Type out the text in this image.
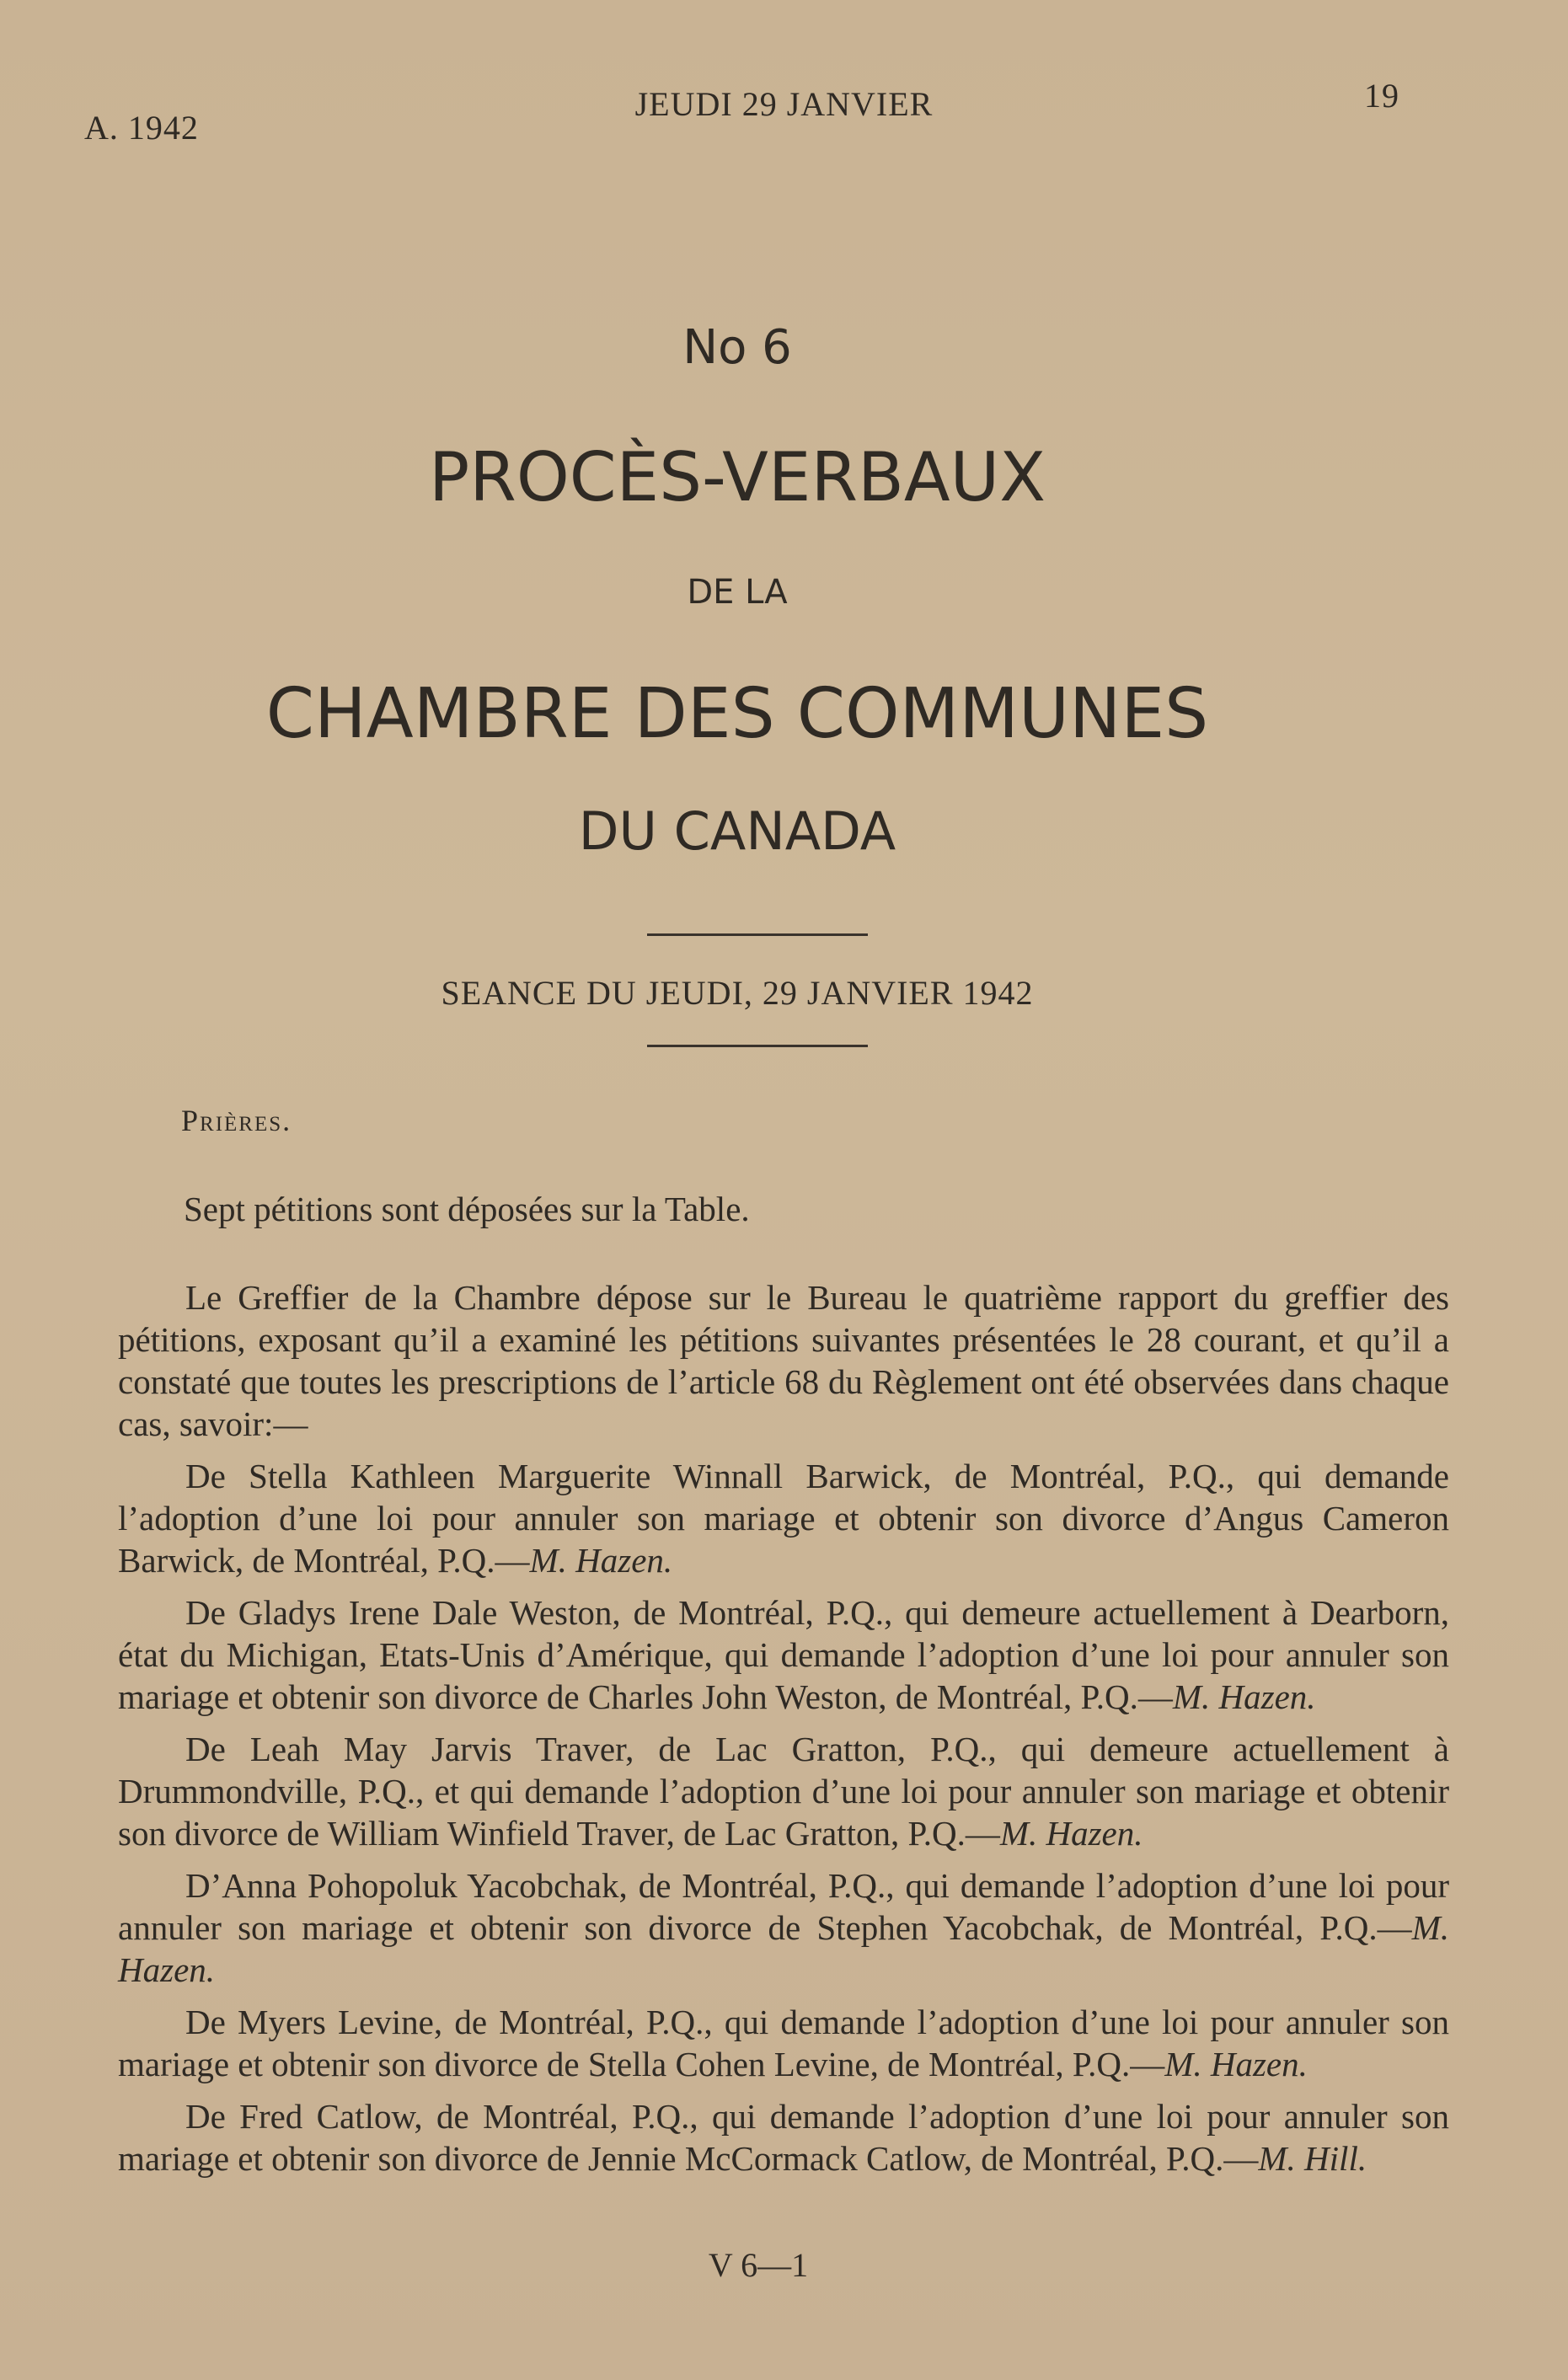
A. 1942
JEUDI 29 JANVIER	19
No 6
PROCÈS-VERBAUX
DE LA
CHAMBRE DES COMMUNES
DU CANADA
SEANCE DU JEUDI, 29 JANVIER 1942
Prières.
Sept pétitions sont déposées sur la Table.

Le Greffier de la Chambre dépose sur le Bureau le quatrième rapport du greffier des pétitions, exposant qu’il a examiné les pétitions suivantes présentées le 28 courant, et qu’il a constaté que toutes les prescriptions de l’article 68 du Règlement ont été observées dans chaque cas, savoir:—

De Stella Kathleen Marguerite Winnall Barwick, de Montréal, P.Q., qui demande l’adoption d’une loi pour annuler son mariage et obtenir son divorce d’Angus Cameron Barwick, de Montréal, P.Q.—M. Hazen.

De Gladys Irene Dale Weston, de Montréal, P.Q., qui demeure actuellement à Dearborn, état du Michigan, Etats-Unis d’Amérique, qui demande l’adoption d’une loi pour annuler son mariage et obtenir son divorce de Charles John Weston, de Montréal, P.Q.—M. Hazen.

De Leah May Jarvis Traver, de Lac Gratton, P.Q., qui demeure actuellement à Drummondville, P.Q., et qui demande l’adoption d’une loi pour annuler son mariage et obtenir son divorce de William Winfield Traver, de Lac Gratton, P.Q.—M. Hazen.

D’Anna Pohopoluk Yacobchak, de Montréal, P.Q., qui demande l’adoption d’une loi pour annuler son mariage et obtenir son divorce de Stephen Yacobchak, de Montréal, P.Q.—M. Hazen.

De Myers Levine, de Montréal, P.Q., qui demande l’adoption d’une loi pour annuler son mariage et obtenir son divorce de Stella Cohen Levine, de Montréal, P.Q.—M. Hazen.

De Fred Catlow, de Montréal, P.Q., qui demande l’adoption d’une loi pour annuler son mariage et obtenir son divorce de Jennie McCormack Catlow, de Montréal, P.Q.—M. Hill.

V 6—1
